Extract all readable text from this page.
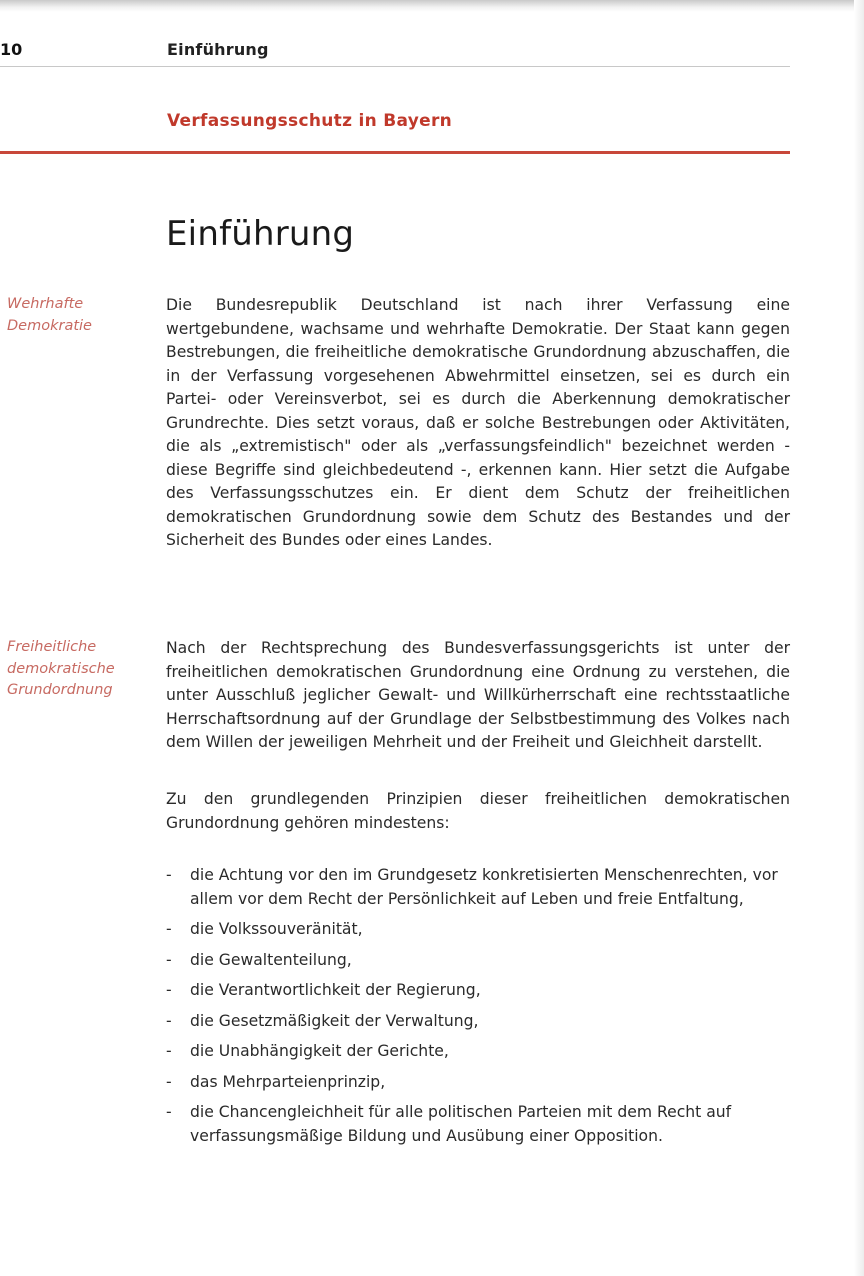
10	Einführung
Verfassungsschutz in Bayern
Einführung
Wehrhafte Demokratie
Freiheitliche demokratische Grundordnung

Die Bundesrepublik Deutschland ist nach ihrer Verfassung eine wertgebundene, wachsame und wehrhafte Demokratie. Der Staat kann gegen Bestrebungen, die freiheitliche demokratische Grundordnung abzuschaffen, die in der Verfassung vorgesehenen Abwehrmittel einsetzen, sei es durch ein Partei- oder Vereinsverbot, sei es durch die Aberkennung demokratischer Grundrechte. Dies setzt voraus, daß er solche Bestrebungen oder Aktivitäten, die als „extremistisch" oder als „verfassungsfeindlich" bezeichnet werden - diese Begriffe sind gleichbedeutend -, erkennen kann. Hier setzt die Aufgabe des Verfassungsschutzes ein. Er dient dem Schutz der freiheitlichen demokratischen Grundordnung sowie dem Schutz des Bestandes und der Sicherheit des Bundes oder eines Landes.

Nach der Rechtsprechung des Bundesverfassungsgerichts ist unter der freiheitlichen demokratischen Grundordnung eine Ordnung zu verstehen, die unter Ausschluß jeglicher Gewalt- und Willkürherrschaft eine rechtsstaatliche Herrschaftsordnung auf der Grundlage der Selbstbestimmung des Volkes nach dem Willen der jeweiligen Mehrheit und der Freiheit und Gleichheit darstellt.

Zu den grundlegenden Prinzipien dieser freiheitlichen demokratischen Grundordnung gehören mindestens:

- die Achtung vor den im Grundgesetz konkretisierten Menschenrechten, vor allem vor dem Recht der Persönlichkeit auf Leben und freie Entfaltung,
- die Volkssouveränität,
- die Gewaltenteilung,
- die Verantwortlichkeit der Regierung,
- die Gesetzmäßigkeit der Verwaltung,
- die Unabhängigkeit der Gerichte,
- das Mehrparteienprinzip,
- die Chancengleichheit für alle politischen Parteien mit dem Recht auf verfassungsmäßige Bildung und Ausübung einer Opposition.
